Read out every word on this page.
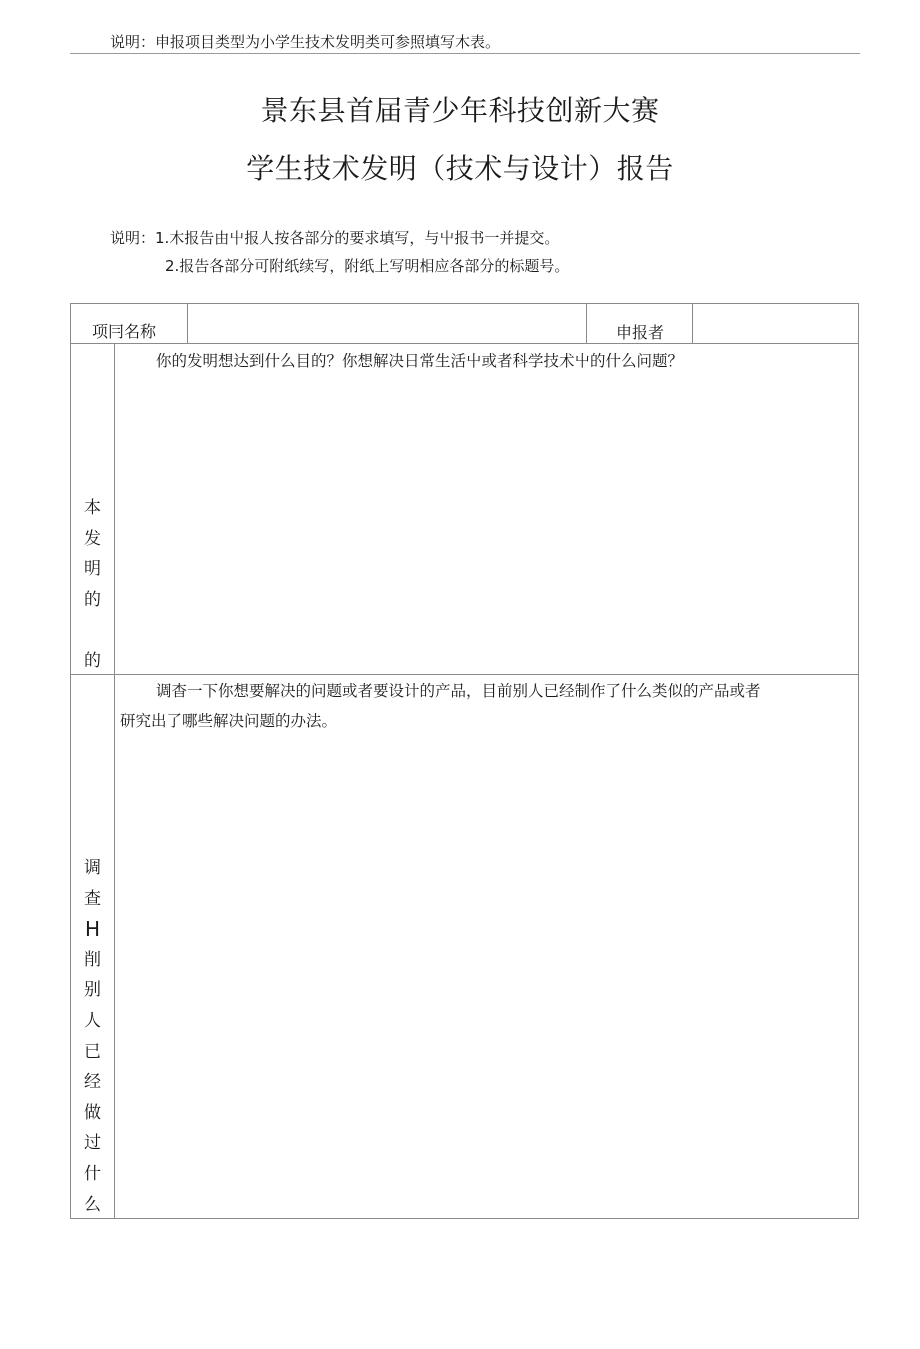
说明：申报项目类型为小学生技术发明类可参照填写木表。
景东县首届青少年科技创新大赛
学生技术发明（技术与设计）报告
说明：1.木报告由屮报人按各部分的要求填写，与屮报书一并提交。
2.报告各部分可附纸续写，附纸上写明相应各部分的标题号。
项冃名称	申报者
你的发明想达到什么目的？你想解决日常生活屮或者科学技术屮的什么问题？
本
发
明
的
的
调杳一下你想要解决的问题或者要设计的产品，目前别人已经制作了什么类似的产品或者
研究出了哪些解决问题的办法。
调
查
H
削
别
人
已
经
做
过
什
么
